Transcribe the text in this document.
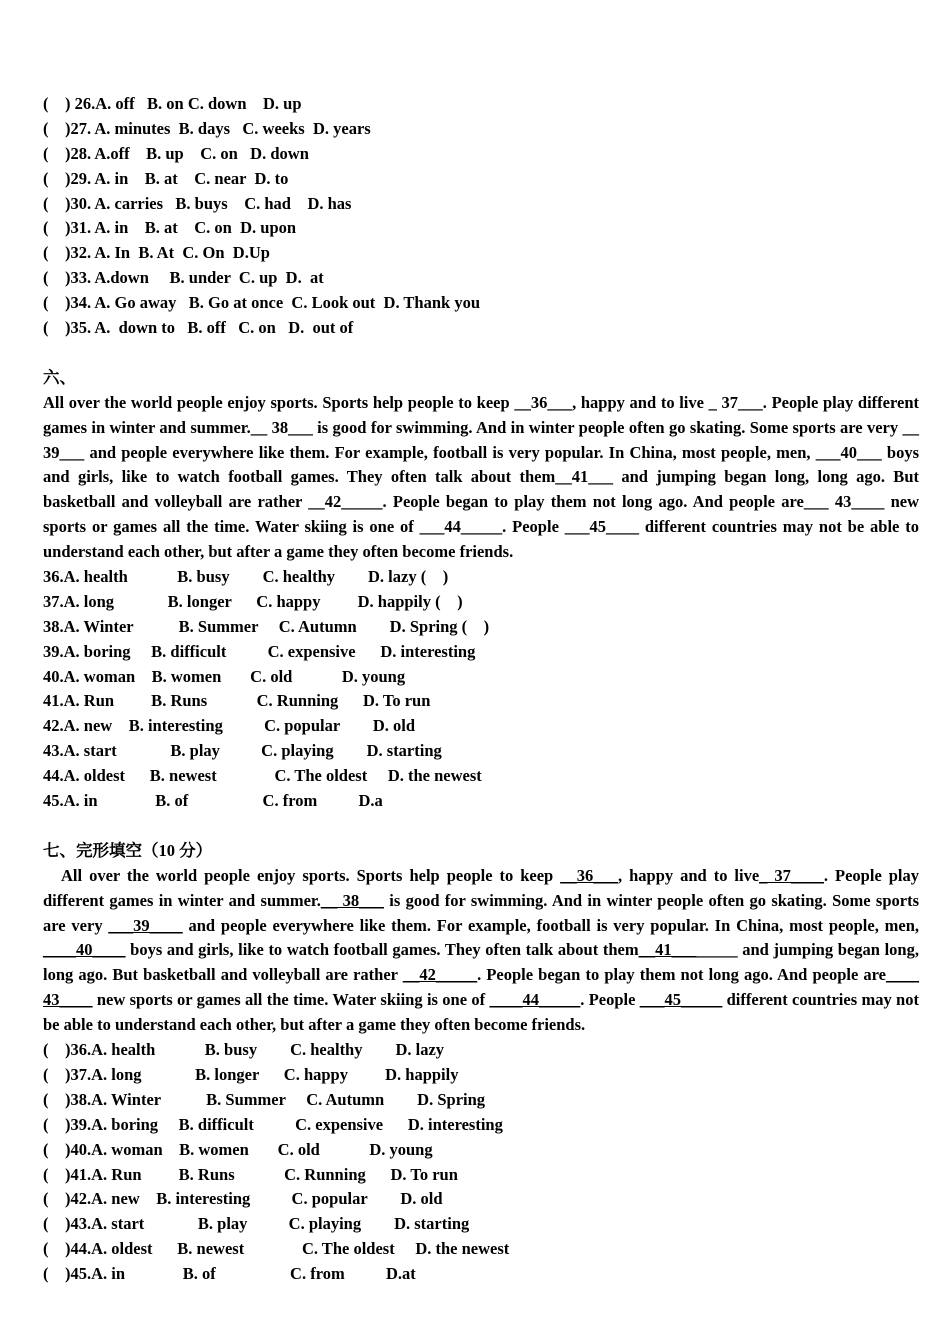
(    ) 26.A. off   B. on C. down    D. up
(    )27. A. minutes  B. days   C. weeks  D. years
(    )28. A.off    B. up    C. on   D. down
(    )29. A. in    B. at    C. near  D. to
(    )30. A. carries   B. buys    C. had    D. has
(    )31. A. in    B. at    C. on  D. upon
(    )32. A. In  B. At  C. On  D.Up
(    )33. A.down     B. under  C. up  D.  at
(    )34. A. Go away   B. Go at once  C. Look out  D. Thank you
(    )35. A.  down to   B. off   C. on   D.  out of
六、

All over the world people enjoy sports. Sports help people to keep __36___, happy and to live _ 37___. People play different games in winter and summer.__ 38___ is good for swimming. And in winter people often go skating. Some sports are very __ 39___ and people everywhere like them. For example, football is very popular. In China, most people, men, ___40___ boys and girls, like to watch football games. They often talk about them__41___ and jumping began long, long ago. But basketball and volleyball are rather __42_____. People began to play them not long ago. And people are___ 43____ new sports or games all the time. Water skiing is one of ___44_____. People ___45____ different countries may not be able to understand each other, but after a game they often become friends.

36.A. health            B. busy        C. healthy        D. lazy (    )
37.A. long             B. longer      C. happy         D. happily (    )
38.A. Winter           B. Summer     C. Autumn        D. Spring (    )
39.A. boring     B. difficult          C. expensive      D. interesting
40.A. woman    B. women       C. old            D. young
41.A. Run         B. Runs            C. Running      D. To run
42.A. new    B. interesting          C. popular        D. old
43.A. start             B. play          C. playing        D. starting
44.A. oldest      B. newest              C. The oldest     D. the newest
45.A. in              B. of                  C. from          D.a
七、完形填空（10 分）

All over the world people enjoy sports. Sports help people to keep __36___, happy and to live_ 37____. People play different games in winter and summer.__ 38___ is good for swimming. And in winter people often go skating. Some sports are very ___39____ and people everywhere like them. For example, football is very popular. In China, most people, men, ____40____ boys and girls, like to watch football games. They often talk about them__41________ and jumping began long, long ago. But basketball and volleyball are rather __42_____. People began to play them not long ago. And people are____ 43____ new sports or games all the time. Water skiing is one of ____44_____. People ___45_____ different countries may not be able to understand each other, but after a game they often become friends.

(    )36.A. health            B. busy        C. healthy        D. lazy
(    )37.A. long             B. longer      C. happy         D. happily
(    )38.A. Winter           B. Summer     C. Autumn        D. Spring
(    )39.A. boring     B. difficult          C. expensive      D. interesting
(    )40.A. woman    B. women       C. old            D. young
(    )41.A. Run         B. Runs            C. Running      D. To run
(    )42.A. new    B. interesting          C. popular        D. old
(    )43.A. start             B. play          C. playing        D. starting
(    )44.A. oldest      B. newest              C. The oldest     D. the newest
(    )45.A. in              B. of                  C. from          D.at
